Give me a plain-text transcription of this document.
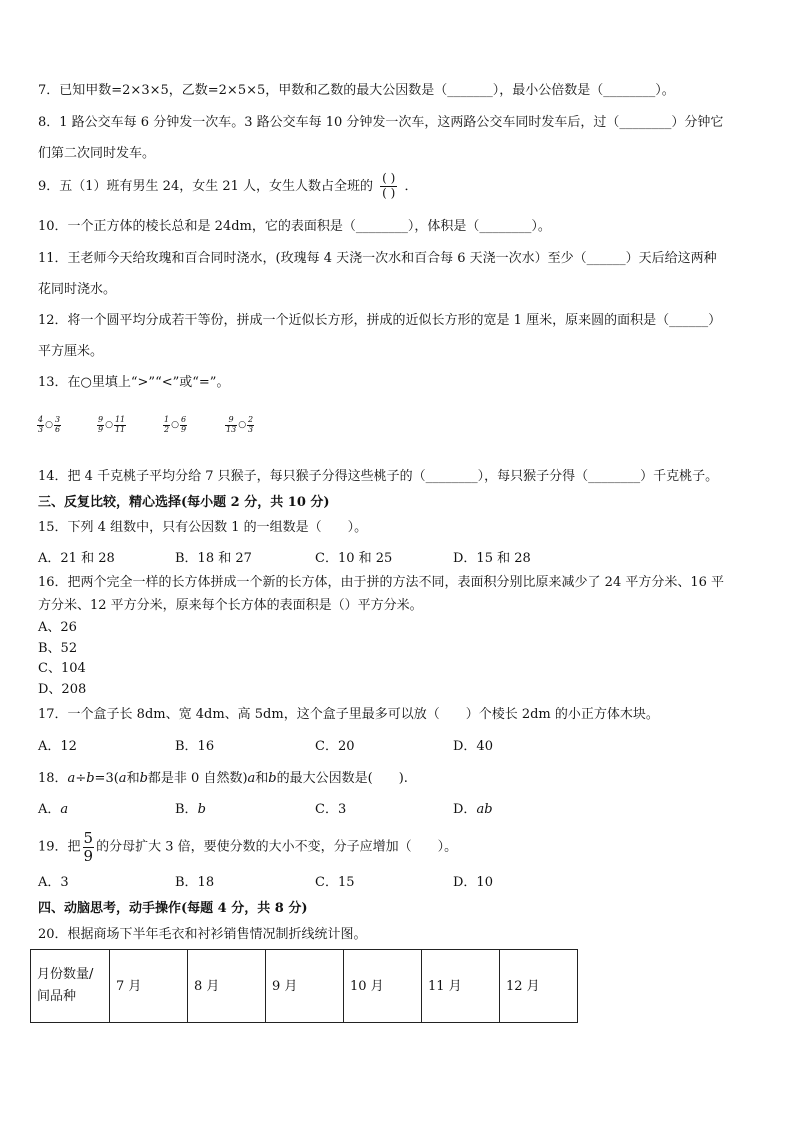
7．已知甲数=2×3×5，乙数=2×5×5，甲数和乙数的最大公因数是（_______），最小公倍数是（________）。
8．1 路公交车每 6 分钟发一次车。3 路公交车每 10 分钟发一次车，这两路公交车同时发车后，过（________）分钟它
们第二次同时发车。
9．五（1）班有男生 24，女生 21 人，女生人数占全班的 $\frac{( )}{( )}$ ．
10．一个正方体的棱长总和是 24dm，它的表面积是（________），体积是（________）。
11．王老师今天给玫瑰和百合同时浇水，(玫瑰每 4 天浇一次水和百合每 6 天浇一次水）至少（______）天后给这两种
花同时浇水。
12．将一个圆平均分成若干等份，拼成一个近似长方形，拼成的近似长方形的宽是 1 厘米，原来圆的面积是（______）
平方厘米。
13．在○里填上“>”“<”或“=”。
$\frac{4}{3}$ ○ $\frac{3}{6}$	$\frac{9}{9}$ ○ $\frac{11}{11}$	$\frac{1}{2}$ ○ $\frac{6}{9}$	$\frac{9}{13}$ ○ $\frac{2}{3}$
14．把 4 千克桃子平均分给 7 只猴子，每只猴子分得这些桃子的（________），每只猴子分得（________）千克桃子。
三、反复比较，精心选择(每小题 2 分，共 10 分)
15．下列 4 组数中，只有公因数 1 的一组数是（　　）。
A．21 和 28	B．18 和 27	C．10 和 25	D．15 和 28
16．把两个完全一样的长方体拼成一个新的长方体，由于拼的方法不同，表面积分别比原来减少了 24 平方分米、16 平
方分米、12 平方分米，原来每个长方体的表面积是（）平方分米。
A、26
B、52
C、104
D、208
17．一个盒子长 8dm、宽 4dm、高 5dm，这个盒子里最多可以放（　　）个棱长 2dm 的小正方体木块。
A．12	B．16	C．20	D．40
18．a÷b=3(a和b都是非 0 自然数)a和b的最大公因数是(　　).
A．a	B．b	C．3	D．ab
19．把 $\frac{5}{9}$ 的分母扩大 3 倍，要使分数的大小不变，分子应增加（　　）。
A．3	B．18	C．15	D．10
四、动脑思考，动手操作(每题 4 分，共 8 分)
20．根据商场下半年毛衣和衬衫销售情况制折线统计图。
月份数量/
间品种
	7 月	8 月	9 月	10 月	11 月	12 月
